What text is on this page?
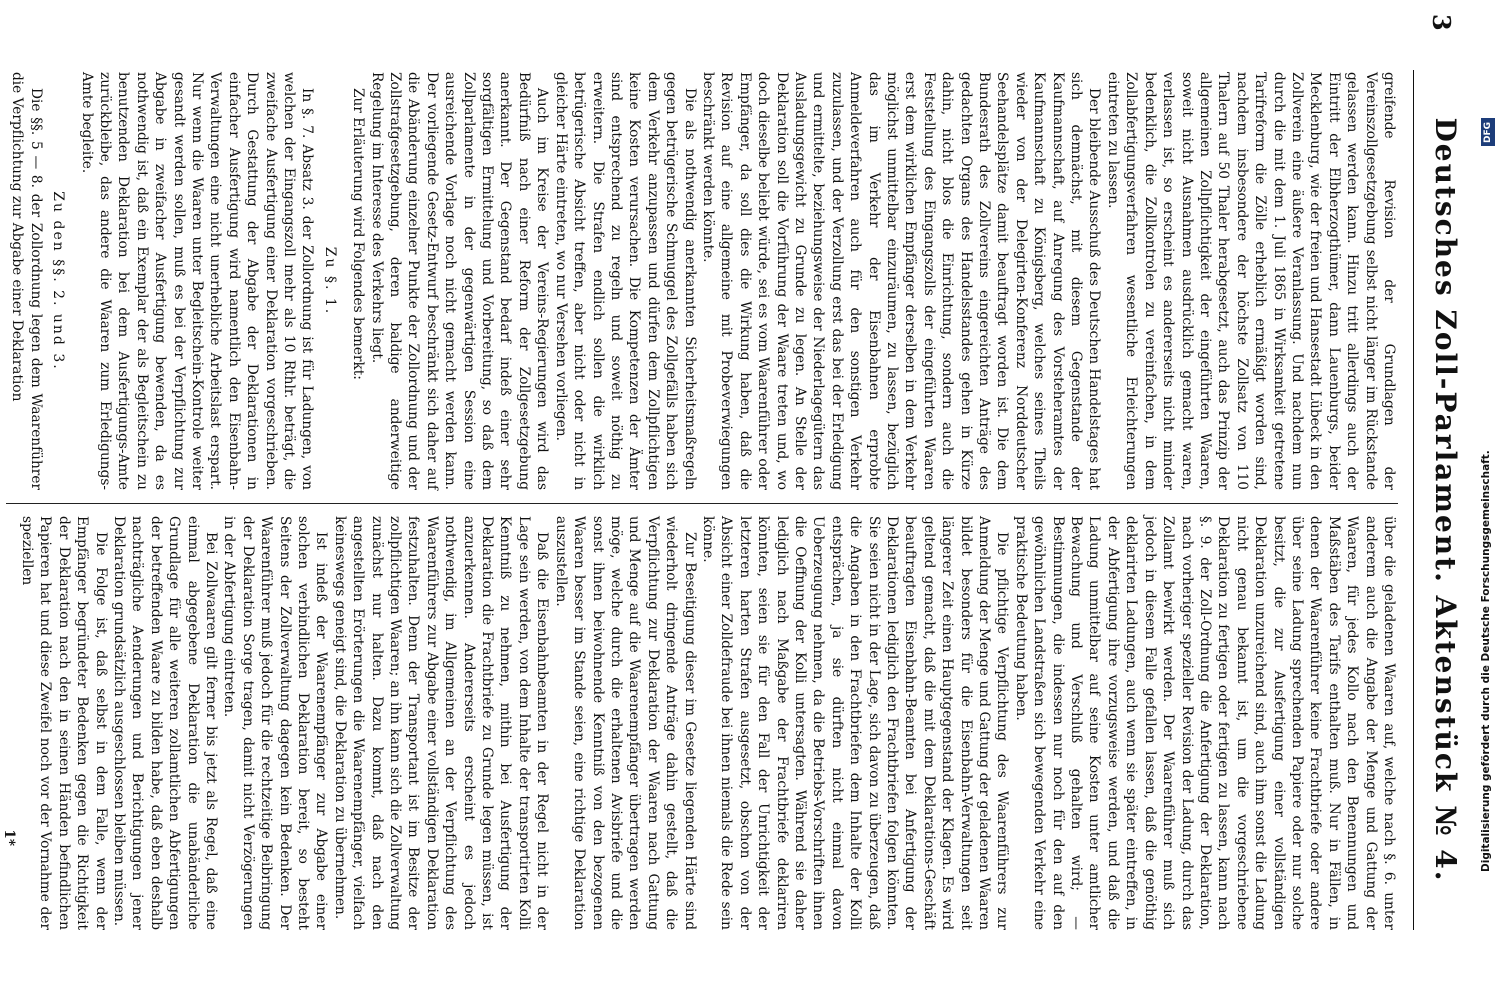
3
Deutsches Zoll-Parlament. Aktenstück № 4.

greifende Revision der Grundlagen der Vereinszollgesetzgebung selbst nicht länger im Rückstande gelassen werden kann. Hinzu tritt allerdings auch der Eintritt der Elbherzogthümer, dann Lauenburgs, beider Mecklenburg, wie der freien und Hansestadt Lübeck in den Zollverein eine äußere Veranlassung. Und nachdem nun durch die mit dem 1. Juli 1865 in Wirksamkeit getretene Tarifreform die Zölle erheblich ermäßigt worden sind, nachdem insbesondere der höchste Zollsatz von 110 Thalern auf 50 Thaler herabgesetzt, auch das Prinzip der allgemeinen Zollpflichtigkeit der eingeführten Waaren, soweit nicht Ausnahmen ausdrücklich gemacht waren, verlassen ist, so erscheint es andererseits nicht minder bedenklich, die Zollkontrolen zu vereinfachen, in dem Zollabfertigungsverfahren wesentliche Erleichterungen eintreten zu lassen.

Der bleibende Ausschuß des Deutschen Handelstages hat sich demnächst, mit diesem Gegenstande der Kaufmannschaft, auf Anregung des Vorsteheramtes der Kaufmannschaft zu Königsberg, welches seines Theils wieder von der Delegirten-Konferenz Norddeutscher Seehandelsplätze damit beauftragt worden ist. Die dem Bundesrath des Zollvereins eingereichten Anträge des gedachten Organs des Handelsstandes gehen in Kürze dahin, nicht blos die Einrichtung, sondern auch die Feststellung des Eingangszolls der eingeführten Waaren erst dem wirklichen Empfänger derselben in dem Verkehr möglichst unmittelbar einzuräumen, zu lassen, bezüglich das im Verkehr der Eisenbahnen erprobte Anmeldeverfahren auch für den sonstigen Verkehr zuzulassen, und der Verzollung erst das bei der Erledigung und ermittelte, beziehungsweise der Niederlagegütern das Ausladungsgewicht zu Grunde zu legen. An Stelle der Deklaration soll die Vorführung der Waare treten und, wo doch dieselbe beliebt würde, sei es vom Waarenführer oder Empfänger, da soll dies die Wirkung haben, daß die Revision auf eine allgemeine mit Probeverwiegungen beschränkt werden könnte.

Die als nothwendig anerkannten Sicherheitsmaßregeln gegen betrügerische Schmuggel des Zollgefälls haben sich dem Verkehr anzupassen und dürfen dem Zollpflichtigen keine Kosten verursachen. Die Kompetenzen der Ämter sind entsprechend zu regeln und soweit nöthig zu erweitern. Die Strafen endlich sollen die wirklich betrügerische Absicht treffen, aber nicht oder nicht in gleicher Härte eintreten, wo nur Versehen vorliegen.

Auch im Kreise der Vereins-Regierungen wird das Bedürfniß nach einer Reform der Zollgesetzgebung anerkannt. Der Gegenstand bedarf indeß einer sehr sorgfältigen Ermittelung und Vorbereitung, so daß dem Zollparlamente in der gegenwärtigen Session eine ausreichende Vorlage noch nicht gemacht werden kann. Der vorliegende Gesetz-Entwurf beschränkt sich daher auf die Abänderung einzelner Punkte der Zollordnung und der Zollstrafgesetzgebung, deren baldige anderweitige Regelung im Interesse des Verkehrs liegt.

Zur Erläuterung wird Folgendes bemerkt:

Zu §. 1.

In §. 7. Absatz 3. der Zollordnung ist für Ladungen, von welchen der Eingangszoll mehr als 10 Rthlr. beträgt, die zweifache Ausfertigung einer Deklaration vorgeschrieben. Durch Gestattung der Abgabe der Deklarationen in einfacher Ausfertigung wird namentlich den Eisenbahn-Verwaltungen eine nicht unerhebliche Arbeitslast erspart. Nur wenn die Waaren unter Begleitschein-Kontrole weiter gesandt werden sollen, muß es bei der Verpflichtung zur Abgabe in zweifacher Ausfertigung bewenden, da es nothwendig ist, daß ein Exemplar der als Begleitschein zu benutzenden Deklaration bei dem Ausfertigungs-Amte zurückbleibe, das andere die Waaren zum Erledigungs-Amte begleite.

Zu den §§. 2. und 3.

Die §§. 5 — 8. der Zollordnung legen dem Waarenführer die Verpflichtung zur Abgabe einer Deklaration

über die geladenen Waaren auf, welche nach §. 6. unter anderem auch die Angabe der Menge und Gattung der Waaren, für jedes Kollo nach den Benennungen und Maßstäben des Tarifs enthalten muß. Nur in Fällen, in denen der Waarenführer keine Frachtbriefe oder andere über seine Ladung sprechenden Papiere oder nur solche besitzt, die zur Ausfertigung einer vollständigen Deklaration unzureichend sind, auch ihm sonst die Ladung nicht genau bekannt ist, um die vorgeschriebene Deklaration zu fertigen oder fertigen zu lassen, kann nach §. 9. der Zoll-Ordnung die Anfertigung der Deklaration, nach vorheriger spezieller Revision der Ladung, durch das Zollamt bewirkt werden. Der Waarenführer muß sich jedoch in diesem Falle gefallen lassen, daß die genöthig deklarirten Ladungen, auch wenn sie später eintreffen, in der Abfertigung ihre vorzugsweise werden, und daß die Ladung unmittelbar auf seine Kosten unter amtlicher Bewachung und Verschluß gehalten wird; — Bestimmungen, die indessen nur noch für den auf den gewöhnlichen Landstraßen sich bewegenden Verkehr eine praktische Bedeutung haben.

Die pflichtige Verpflichtung des Waarenführers zur Anmeldung der Menge und Gattung der geladenen Waaren bildet besonders für die Eisenbahn-Verwaltungen seit längerer Zeit einen Hauptgegenstand der Klagen. Es wird geltend gemacht, daß die mit dem Deklarations-Geschäft beauftragten Eisenbahn-Beamten bei Anfertigung der Deklarationen lediglich den Frachtbriefen folgen könnten. Sie seien nicht in der Lage, sich davon zu überzeugen, daß die Angaben in den Frachtbriefen dem Inhalte der Kolli entsprächen, ja sie dürften nicht einmal davon Ueberzeugung nehmen, da die Betriebs-Vorschriften ihnen die Oeffnung der Kolli untersagten. Während sie daher lediglich nach Maßgabe der Frachtbriefe deklariren könnten, seien sie für den Fall der Unrichtigkeit der letzteren harten Strafen ausgesetzt, obschon von der Absicht einer Zolldefraude bei ihnen niemals die Rede sein könne.

Zur Beseitigung dieser im Gesetze liegenden Härte sind wiederholt dringende Anträge dahin gestellt, daß die Verpflichtung zur Deklaration der Waaren nach Gattung und Menge auf die Waarenempfänger übertragen werden möge, welche durch die erhaltenen Avisbriefe und die sonst ihnen beiwohnende Kenntniß von den bezogenen Waaren besser im Stande seien, eine richtige Deklaration auszustellen.

Daß die Eisenbahnbeamten in der Regel nicht in der Lage sein werden, von dem Inhalte der transportirten Kolli Kenntniß zu nehmen, mithin bei Ausfertigung der Deklaration die Frachtbriefe zu Grunde legen müssen, ist anzuerkennen. Andererseits erscheint es jedoch nothwendig, im Allgemeinen an der Verpflichtung des Waarenführers zur Abgabe einer vollständigen Deklaration festzuhalten. Denn der Transportant ist im Besitze der zollpflichtigen Waaren; an ihn kann sich die Zollverwaltung zunächst nur halten. Dazu kommt, daß nach den angestellten Erörterungen die Waarenempfänger, vielfach keineswegs geneigt sind, die Deklaration zu übernehmen.

Ist indeß der Waarenempfänger zur Abgabe einer solchen verbindlichen Deklaration bereit, so besteht Seitens der Zollverwaltung dagegen kein Bedenken. Der Waarenführer muß jedoch für die rechtzeitige Beibringung der Deklaration Sorge tragen, damit nicht Verzögerungen in der Abfertigung eintreten.

Bei Zollwaaren gilt ferner bis jetzt als Regel, daß eine einmal abgegebene Deklaration die unabänderliche Grundlage für alle weiteren zollamtlichen Abfertigungen der betreffenden Waare zu bilden habe, daß eben deshalb nachträgliche Aenderungen und Berichtigungen jener Deklaration grundsätzlich ausgeschlossen bleiben müssen.

Die Folge ist, daß selbst in dem Falle, wenn der Empfänger begründeter Bedenken gegen die Richtigkeit der Deklaration nach den in seinen Händen befindlichen Papieren hat und diese Zweifel noch vor der Vornahme der speziellen

1*
DFG
Digitalisierung gefördert durch die Deutsche Forschungsgemeinschaft.
